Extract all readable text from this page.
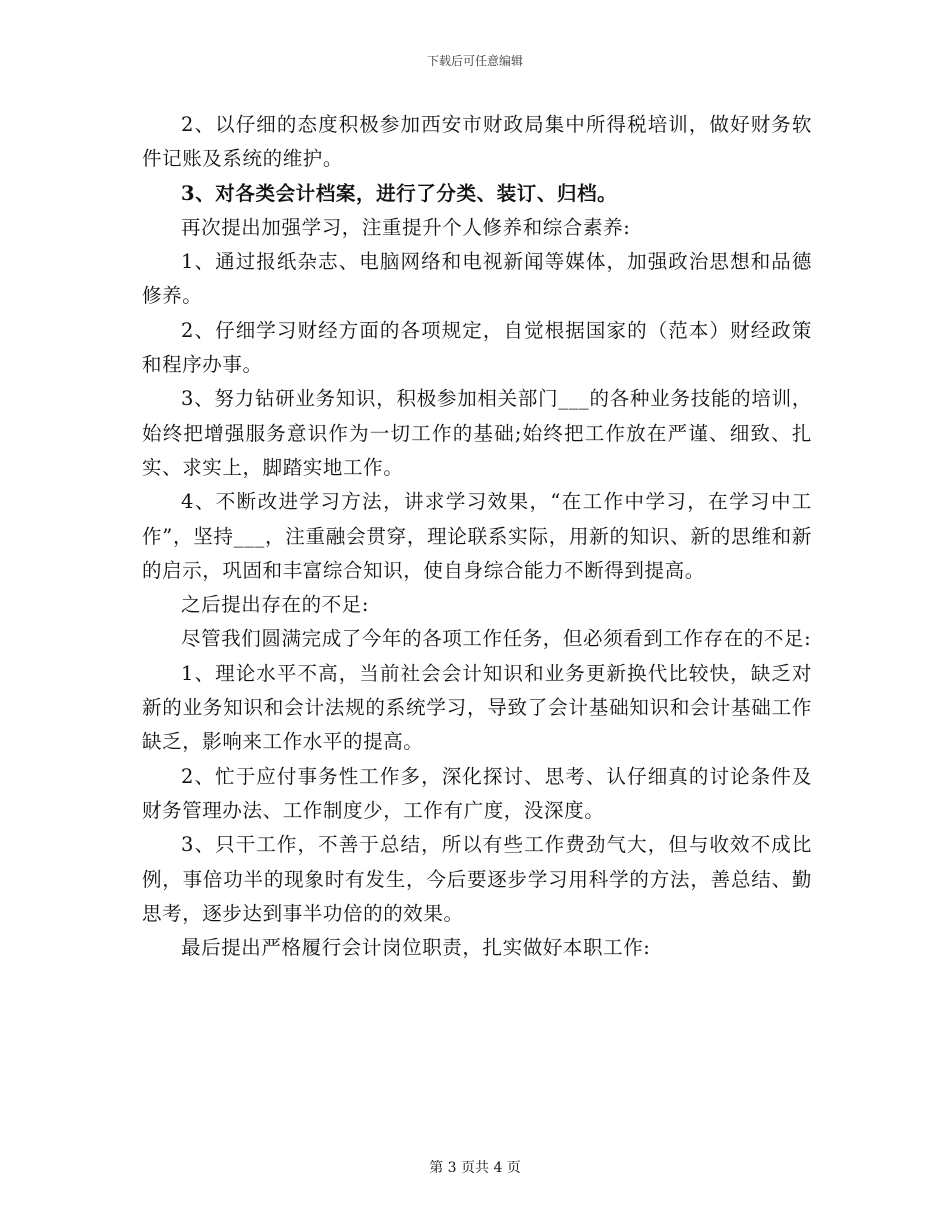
下载后可任意编辑

2、以仔细的态度积极参加西安市财政局集中所得税培训，做好财务软件记账及系统的维护。

3、对各类会计档案，进行了分类、装订、归档。

再次提出加强学习，注重提升个人修养和综合素养:

1、通过报纸杂志、电脑网络和电视新闻等媒体，加强政治思想和品德修养。

2、仔细学习财经方面的各项规定，自觉根据国家的（范本）财经政策和程序办事。

3、努力钻研业务知识，积极参加相关部门___的各种业务技能的培训，始终把增强服务意识作为一切工作的基础;始终把工作放在严谨、细致、扎实、求实上，脚踏实地工作。

4、不断改进学习方法，讲求学习效果，“在工作中学习，在学习中工作”，坚持___，注重融会贯穿，理论联系实际，用新的知识、新的思维和新的启示，巩固和丰富综合知识，使自身综合能力不断得到提高。

之后提出存在的不足:

尽管我们圆满完成了今年的各项工作任务，但必须看到工作存在的不足:

1、理论水平不高，当前社会会计知识和业务更新换代比较快，缺乏对新的业务知识和会计法规的系统学习，导致了会计基础知识和会计基础工作缺乏，影响来工作水平的提高。

2、忙于应付事务性工作多，深化探讨、思考、认仔细真的讨论条件及财务管理办法、工作制度少，工作有广度，没深度。

3、只干工作，不善于总结，所以有些工作费劲气大，但与收效不成比例，事倍功半的现象时有发生，今后要逐步学习用科学的方法，善总结、勤思考，逐步达到事半功倍的的效果。

最后提出严格履行会计岗位职责，扎实做好本职工作:

第 3 页共 4 页
